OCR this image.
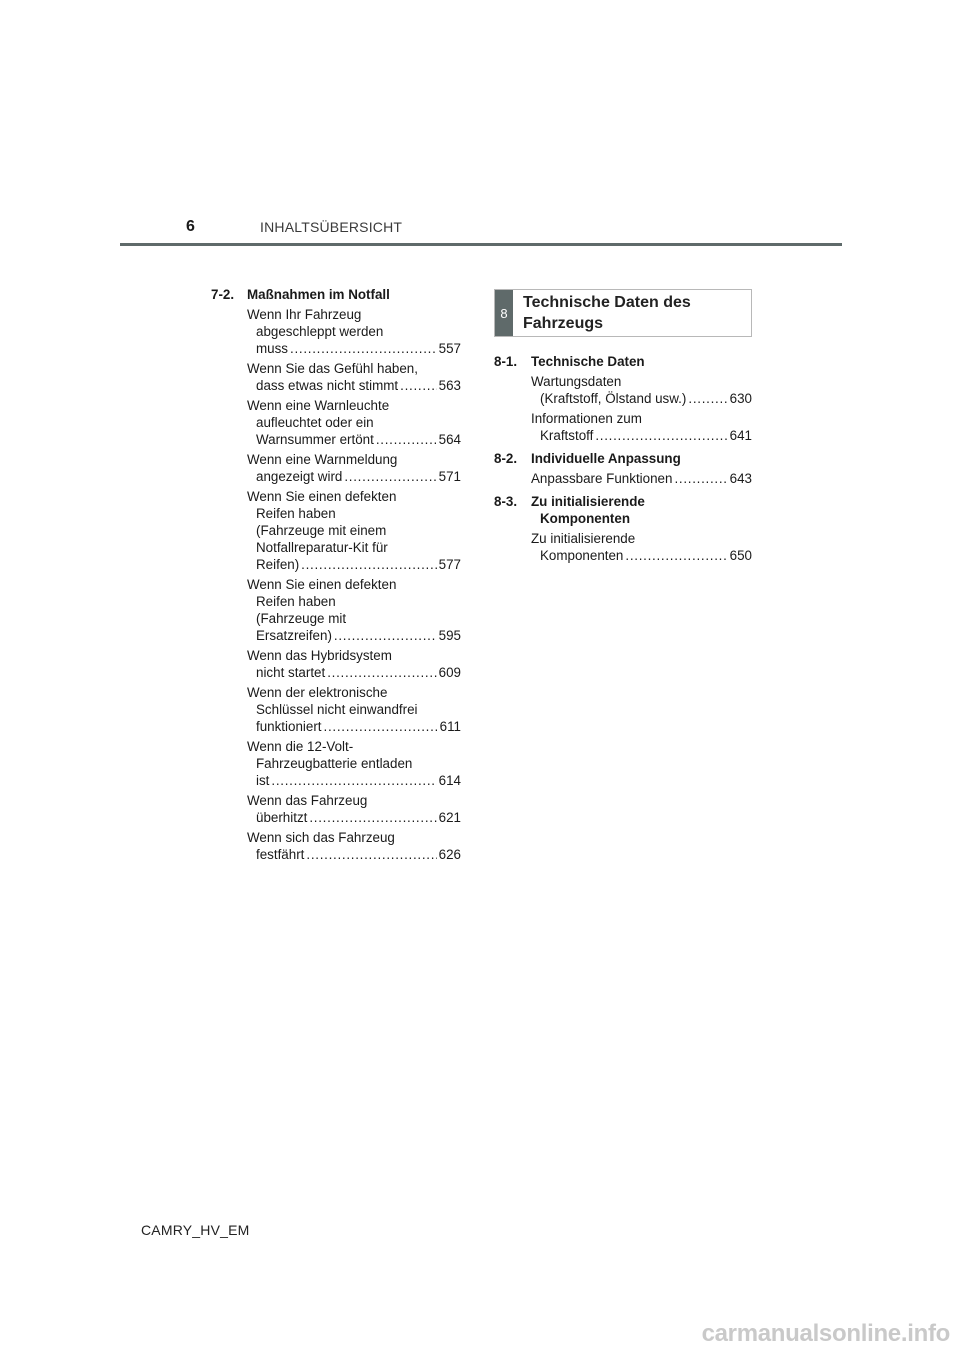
6	INHALTSÜBERSICHT
7-2. Maßnahmen im Notfall
Wenn Ihr Fahrzeug
abgeschleppt werden
muss . . .	557
Wenn Sie das Gefühl haben,
dass etwas nicht stimmt . . .	563
Wenn eine Warnleuchte
aufleuchtet oder ein
Warnsummer ertönt . . .	564
Wenn eine Warnmeldung
angezeigt wird . . .	571
Wenn Sie einen defekten
Reifen haben
(Fahrzeuge mit einem
Notfallreparatur-Kit für
Reifen) . . .	577
Wenn Sie einen defekten
Reifen haben
(Fahrzeuge mit
Ersatzreifen) . . .	595
Wenn das Hybridsystem
nicht startet . . .	609
Wenn der elektronische
Schlüssel nicht einwandfrei
funktioniert . . .	611
Wenn die 12-Volt-
Fahrzeugbatterie entladen
ist . . .	614
Wenn das Fahrzeug
überhitzt . . .	621
Wenn sich das Fahrzeug
festfährt . . .	626
8
Technische Daten des
Fahrzeugs
8-1. Technische Daten
Wartungsdaten
(Kraftstoff, Ölstand usw.) . . .	630
Informationen zum
Kraftstoff . . .	641
8-2. Individuelle Anpassung
Anpassbare Funktionen . . .	643
8-3. Zu initialisierende
Komponenten
Zu initialisierende
Komponenten . . .	650
CAMRY_HV_EM
carmanualsonline.info
